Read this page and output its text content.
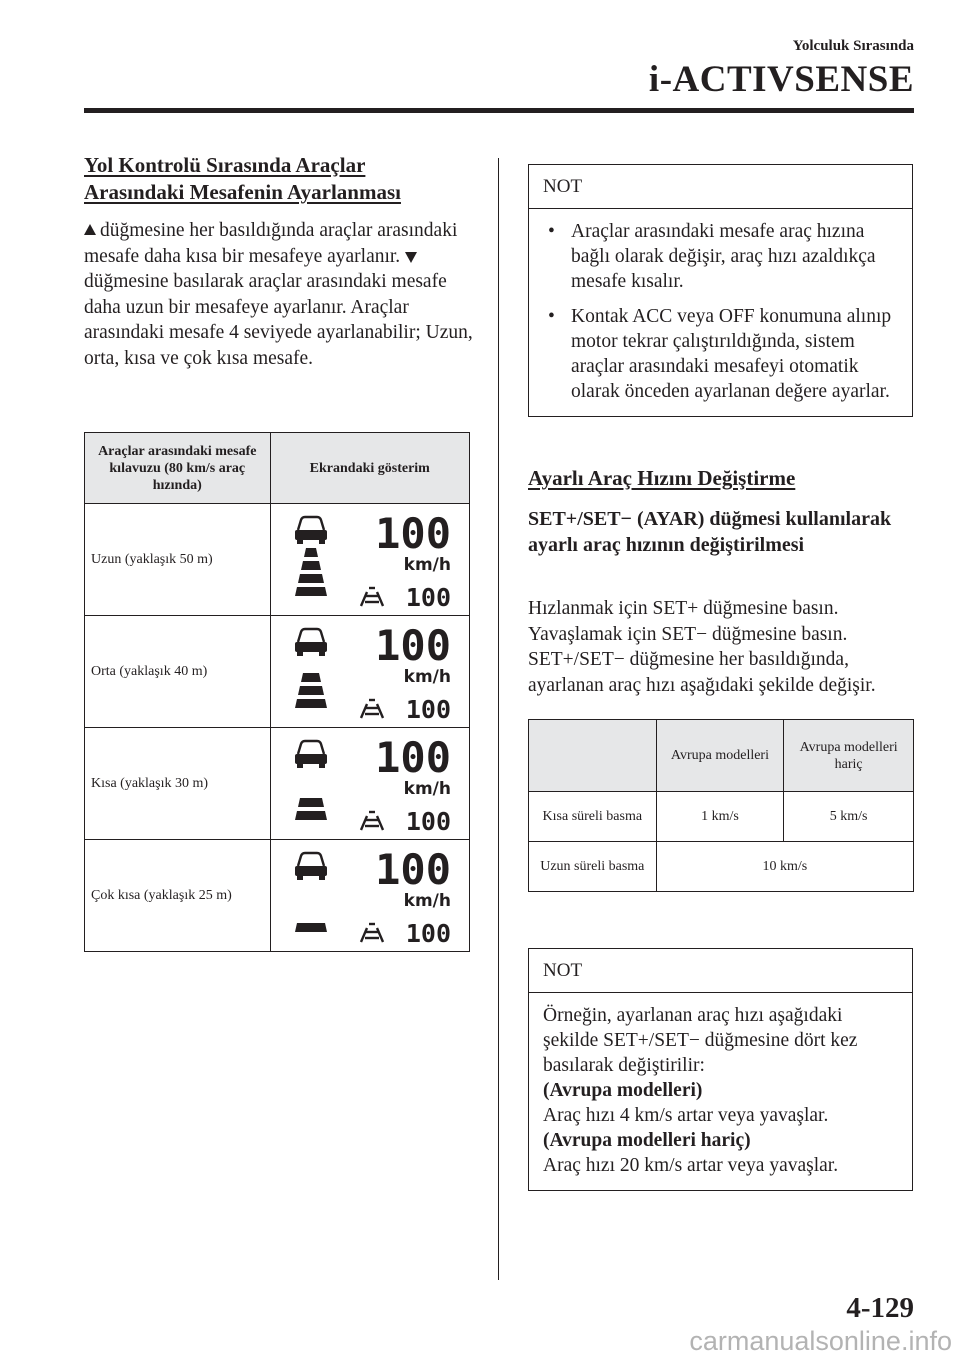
Yolculuk Sırasında
i-ACTIVSENSE
Yol Kontrolü Sırasında Araçlar
Arasındaki Mesafenin Ayarlanması

düğmesine her basıldığında araçlar arasındaki mesafe daha kısa bir mesafeye ayarlanır. düğmesine basılarak araçlar arasındaki mesafe daha uzun bir mesafeye ayarlanır. Araçlar arasındaki mesafe 4 seviyede ayarlanabilir; Uzun, orta, kısa ve çok kısa mesafe.

Araçlar arasındaki mesafe kılavuzu (80 km/s araç hızında)	Ekrandaki gösterim
Uzun (yaklaşık 50 m)	100
km/h
100

Orta (yaklaşık 40 m)	100
km/h
100

Kısa (yaklaşık 30 m)	100
km/h
100

Çok kısa (yaklaşık 25 m)	100
km/h
100
NOT
• Araçlar arasındaki mesafe araç hızına bağlı olarak değişir, araç hızı azaldıkça mesafe kısalır.
• Kontak ACC veya OFF konumuna alınıp motor tekrar çalıştırıldığında, sistem araçlar arasındaki mesafeyi otomatik olarak önceden ayarlanan değere ayarlar.
Ayarlı Araç Hızını Değiştirme
SET+/SET− (AYAR) düğmesi kullanılarak ayarlı araç hızının değiştirilmesi
Hızlanmak için SET+ düğmesine basın. Yavaşlamak için SET− düğmesine basın. SET+/SET− düğmesine her basıldığında, ayarlanan araç hızı aşağıdaki şekilde değişir.
	Avrupa modelleri	Avrupa modelleri hariç
Kısa süreli basma	1 km/s	5 km/s
Uzun süreli basma	10 km/s	
NOT
Örneğin, ayarlanan araç hızı aşağıdaki şekilde SET+/SET− düğmesine dört kez basılarak değiştirilir:
(Avrupa modelleri)
Araç hızı 4 km/s artar veya yavaşlar.
(Avrupa modelleri hariç)
Araç hızı 20 km/s artar veya yavaşlar.
4-129
carmanualsonline.info
